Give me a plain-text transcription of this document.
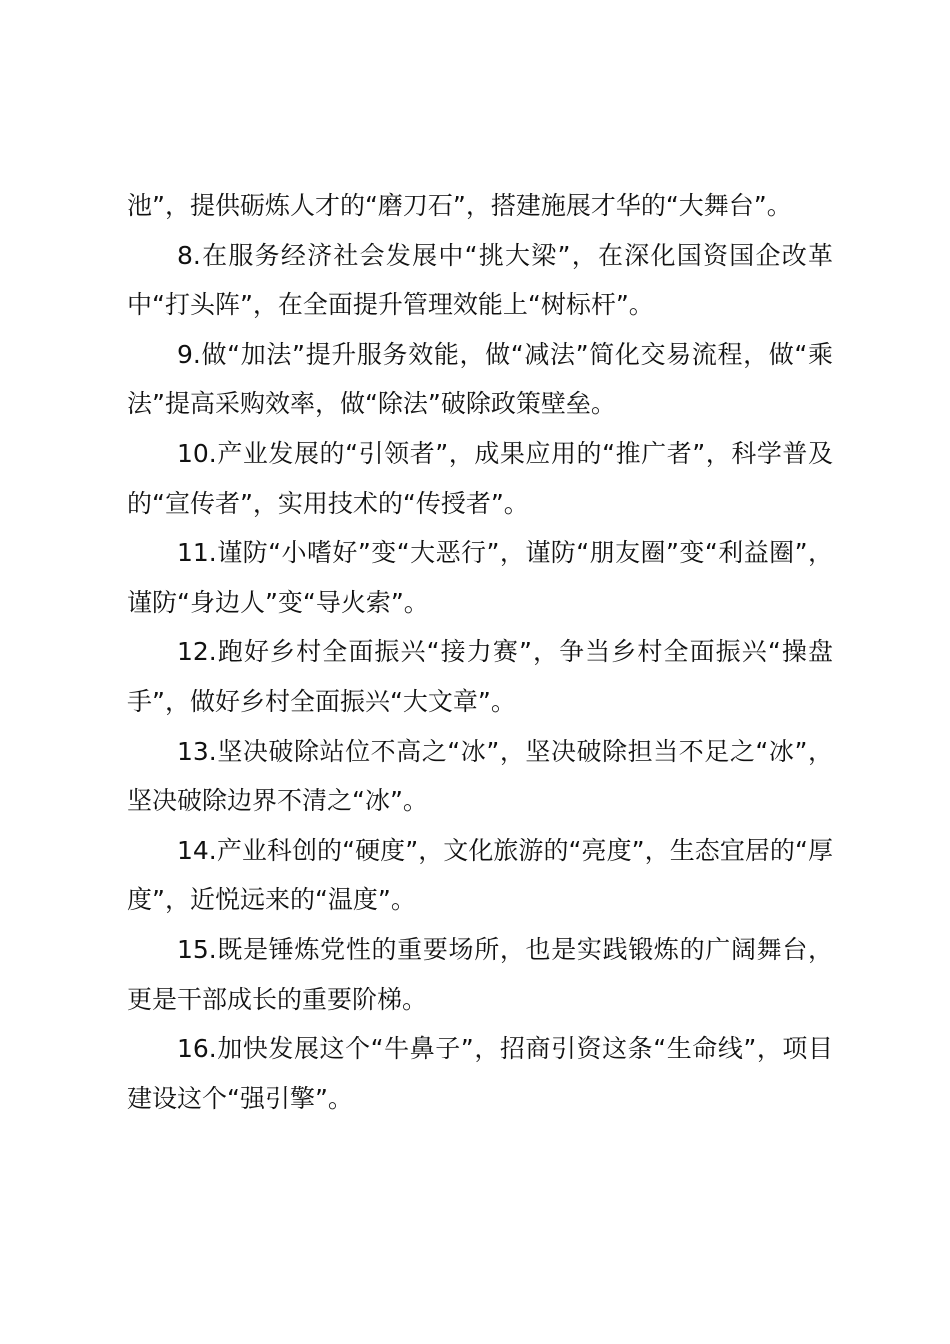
池”，提供砺炼人才的“磨刀石”，搭建施展才华的“大舞台”。

8.在服务经济社会发展中“挑大梁”，在深化国资国企改革中“打头阵”，在全面提升管理效能上“树标杆”。

9.做“加法”提升服务效能，做“减法”简化交易流程，做“乘法”提高采购效率，做“除法”破除政策壁垒。

10.产业发展的“引领者”，成果应用的“推广者”，科学普及的“宣传者”，实用技术的“传授者”。

11.谨防“小嗜好”变“大恶行”，谨防“朋友圈”变“利益圈”，谨防“身边人”变“导火索”。

12.跑好乡村全面振兴“接力赛”，争当乡村全面振兴“操盘手”，做好乡村全面振兴“大文章”。

13.坚决破除站位不高之“冰”，坚决破除担当不足之“冰”，坚决破除边界不清之“冰”。

14.产业科创的“硬度”，文化旅游的“亮度”，生态宜居的“厚度”，近悦远来的“温度”。

15.既是锤炼党性的重要场所，也是实践锻炼的广阔舞台，更是干部成长的重要阶梯。

16.加快发展这个“牛鼻子”，招商引资这条“生命线”，项目建设这个“强引擎”。
